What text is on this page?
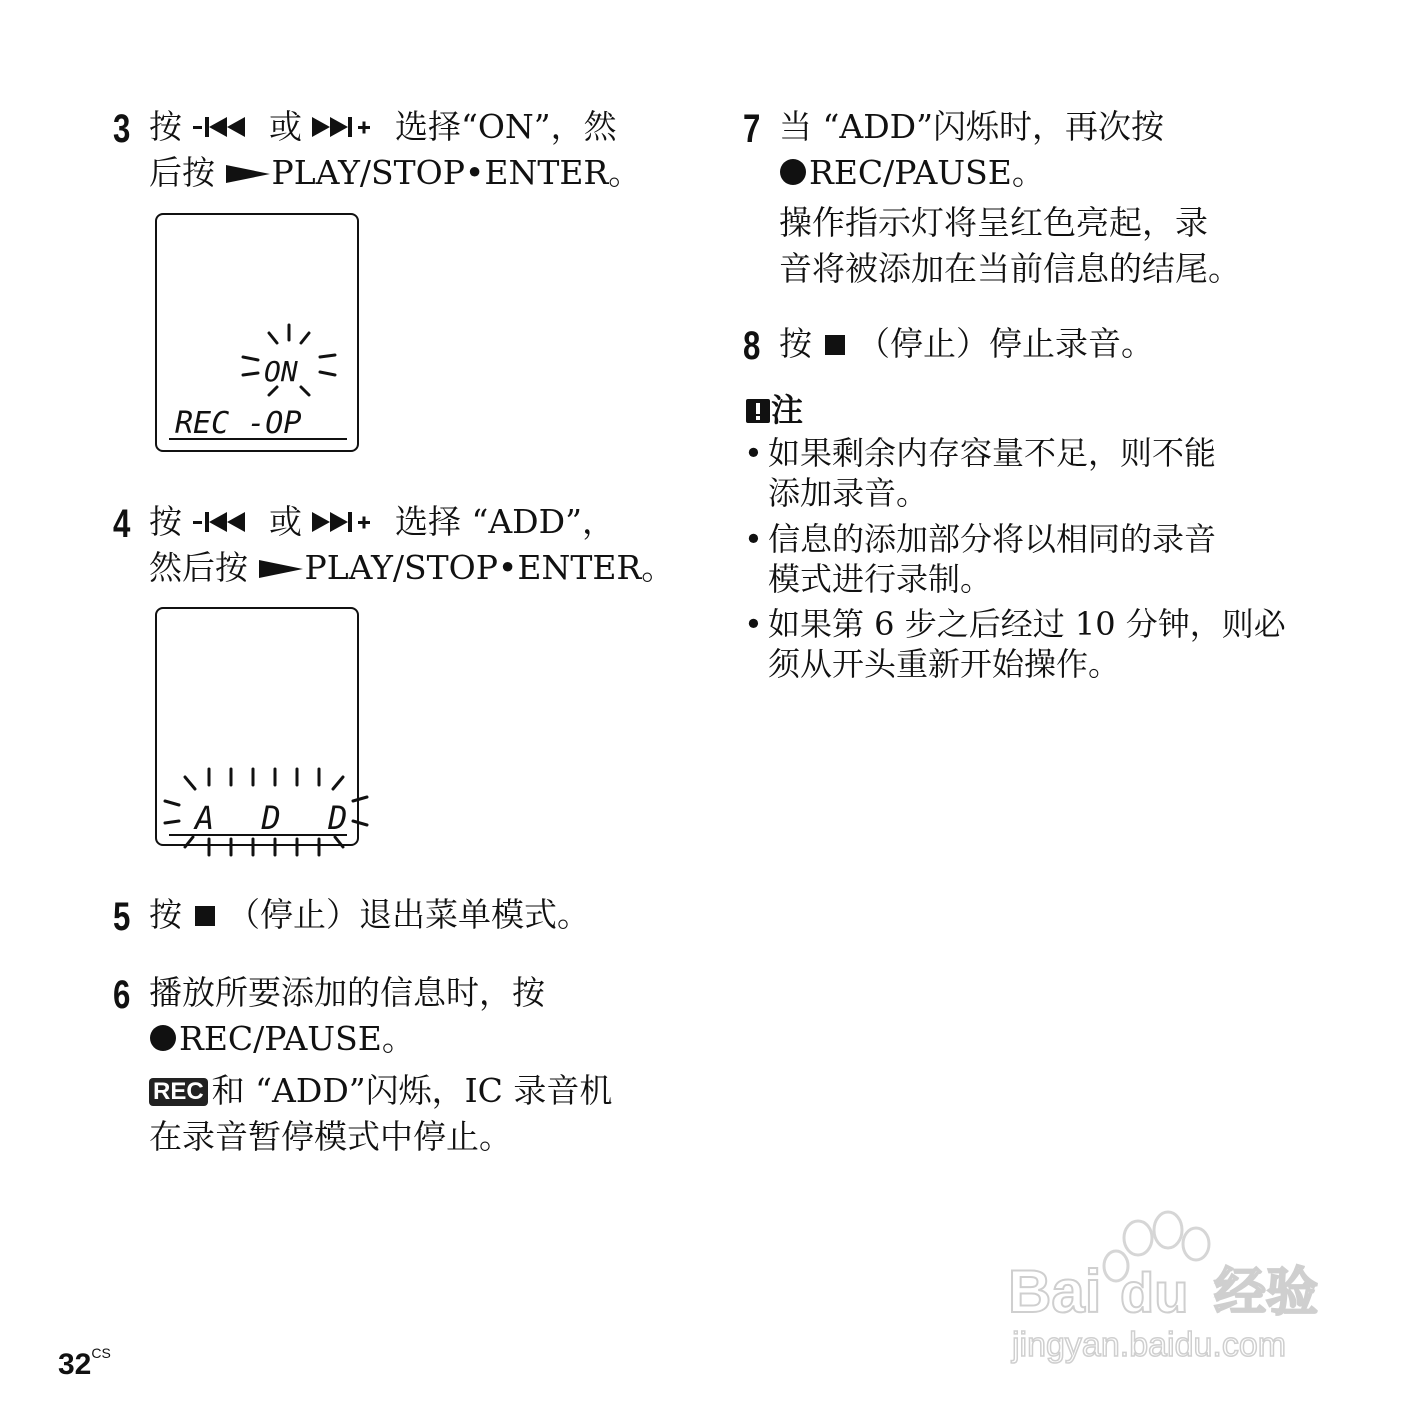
3 按  或  选择“ON”，然
后按 PLAY/STOP•ENTER。
ON
REC -OP
4 按  或  选择 “ADD”，
然后按 PLAY/STOP•ENTER。
A D D
5 按  （停止）退出菜单模式。
6 播放所要添加的信息时，按
REC/PAUSE。
REC 和 “ADD”闪烁，IC 录音机
在录音暂停模式中停止。
7 当 “ADD”闪烁时，再次按
REC/PAUSE。
操作指示灯将呈红色亮起，录
音将被添加在当前信息的结尾。
8 按  （停止）停止录音。
注
• 如果剩余内存容量不足，则不能
添加录音。
• 信息的添加部分将以相同的录音
模式进行录制。
• 如果第 6 步之后经过 10 分钟，则必
须从开头重新开始操作。
$32^{CS}$
Bai du 经验
jingyan.baidu.com
